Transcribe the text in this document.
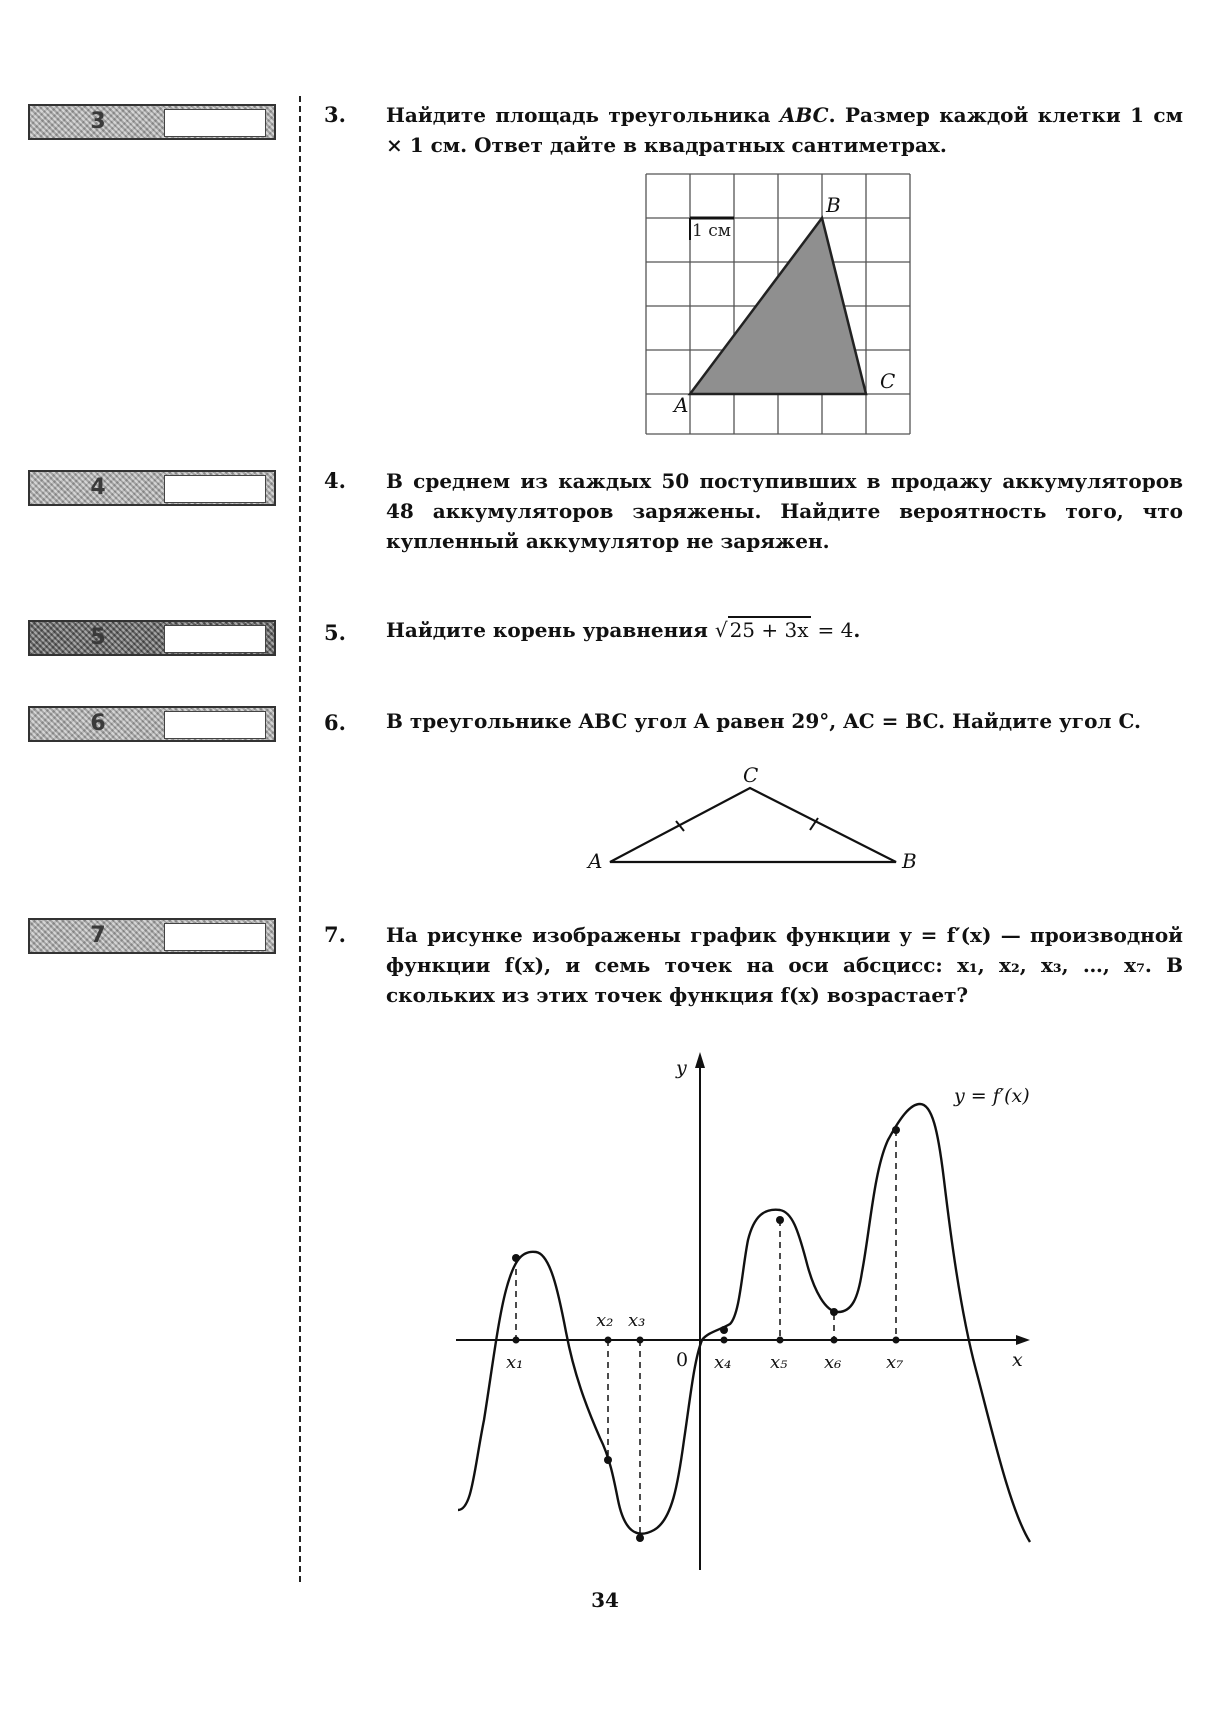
3
4
5
6
7
3. Найдите площадь треугольника ABC. Размер каждой клетки 1 см × 1 см. Ответ дайте в квадратных сантиметрах.
1 см
A
B
C
4. В среднем из каждых 50 поступивших в продажу аккумуляторов 48 аккумуляторов заряжены. Найдите вероятность того, что купленный аккумулятор не заряжен.
5. Найдите корень уравнения √ 25 + 3x = 4.
6. В треугольнике ABC угол A равен 29°, AC = BC. Найдите угол C.
A	B
C
7. На рисунке изображены график функции y = f′(x) — производной функции f(x), и семь точек на оси абсцисс: x₁, x₂, x₃, …, x₇. В скольких из этих точек функция f(x) возрастает?
y
x
0
y = f′(x)
x₁
x₂ x₃
x₄ x₅ x₆ x₇
34
